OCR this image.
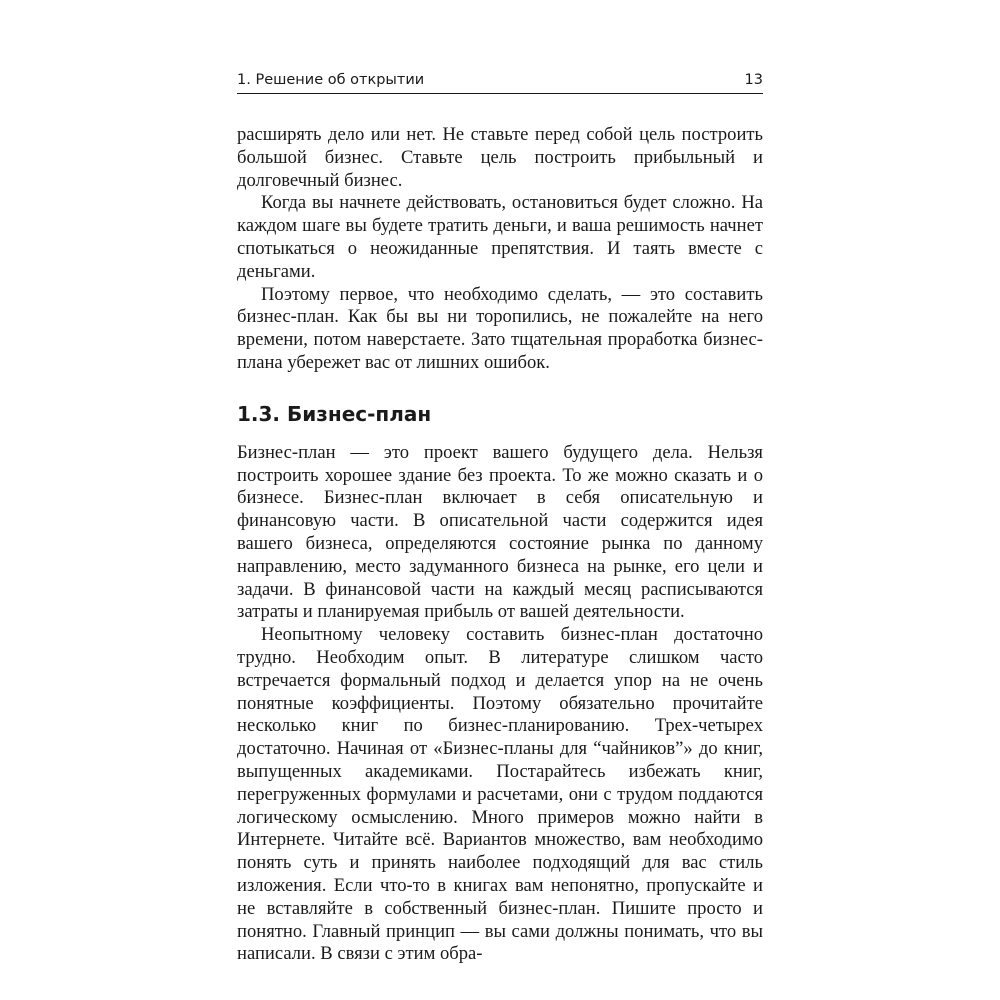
1. Решение об открытии	13

расширять дело или нет. Не ставьте перед собой цель построить большой бизнес. Ставьте цель построить прибыльный и долговечный бизнес.

Когда вы начнете действовать, остановиться будет сложно. На каждом шаге вы будете тратить деньги, и ваша решимость начнет спотыкаться о неожиданные препятствия. И таять вместе с деньгами.

Поэтому первое, что необходимо сделать, — это составить бизнес-план. Как бы вы ни торопились, не пожалейте на него времени, потом наверстаете. Зато тщательная проработка бизнес-плана убережет вас от лишних ошибок.

1.3. Бизнес-план

Бизнес-план — это проект вашего будущего дела. Нельзя построить хорошее здание без проекта. То же можно сказать и о бизнесе. Бизнес-план включает в себя описательную и финансовую части. В описательной части содержится идея вашего бизнеса, определяются состояние рынка по данному направлению, место задуманного бизнеса на рынке, его цели и задачи. В финансовой части на каждый месяц расписываются затраты и планируемая прибыль от вашей деятельности.

Неопытному человеку составить бизнес-план достаточно трудно. Необходим опыт. В литературе слишком часто встречается формальный подход и делается упор на не очень понятные коэффициенты. Поэтому обязательно прочитайте несколько книг по бизнес-планированию. Трех-четырех достаточно. Начиная от «Бизнес-планы для “чайников”» до книг, выпущенных академиками. Постарайтесь избежать книг, перегруженных формулами и расчетами, они с трудом поддаются логическому осмыслению. Много примеров можно найти в Интернете. Читайте всё. Вариантов множество, вам необходимо понять суть и принять наиболее подходящий для вас стиль изложения. Если что-то в книгах вам непонятно, пропускайте и не вставляйте в собственный бизнес-план. Пишите просто и понятно. Главный принцип — вы сами должны понимать, что вы написали. В связи с этим обра-
